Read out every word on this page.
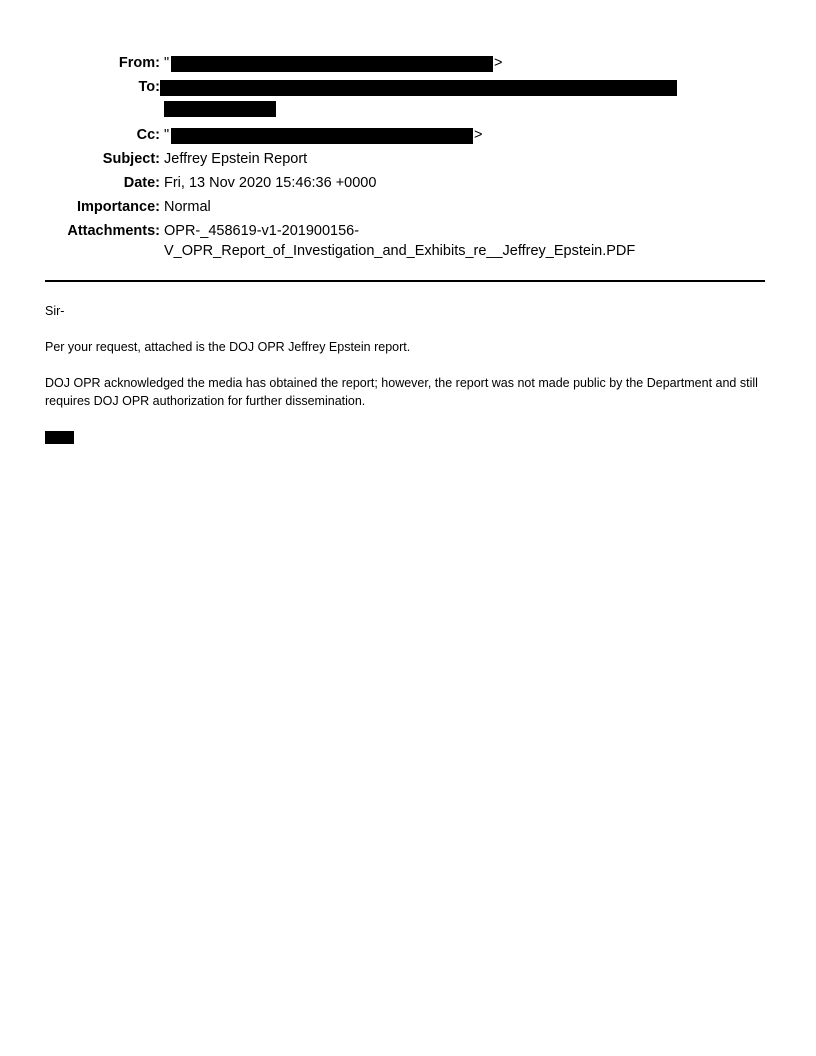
From: "	>
To:
Cc: "	>
Subject: Jeffrey Epstein Report
Date: Fri, 13 Nov 2020 15:46:36 +0000
Importance: Normal
Attachments: OPR-_458619-v1-201900156-
V_OPR_Report_of_Investigation_and_Exhibits_re__Jeffrey_Epstein.PDF
Sir-
Per your request, attached is the DOJ OPR Jeffrey Epstein report.
DOJ OPR acknowledged the media has obtained the report; however, the report was not made public by the Department and still requires DOJ OPR authorization for further dissemination.
